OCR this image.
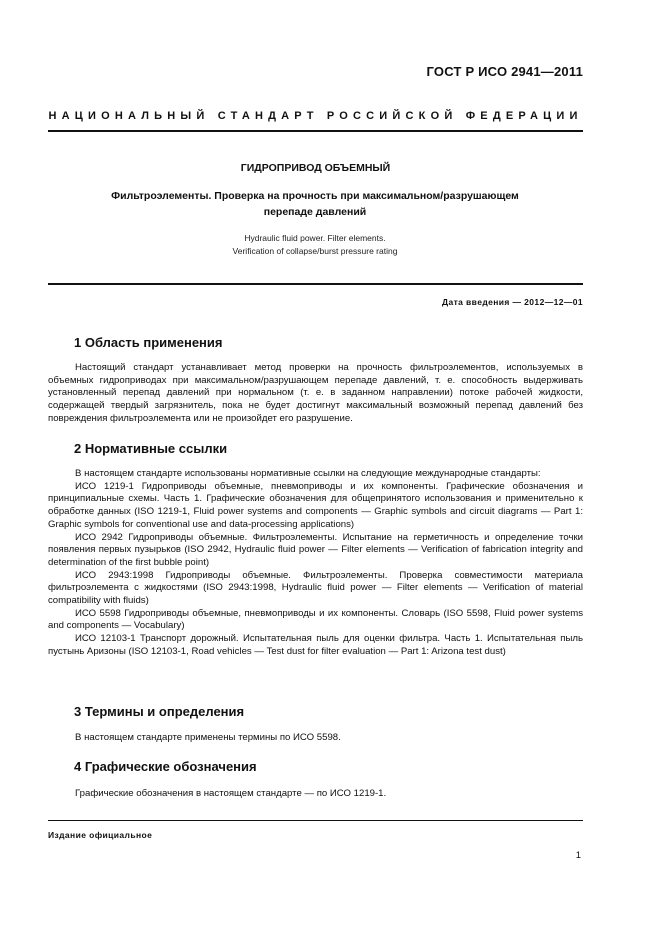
ГОСТ Р ИСО 2941—2011
НАЦИОНАЛЬНЫЙ СТАНДАРТ РОССИЙСКОЙ ФЕДЕРАЦИИ
ГИДРОПРИВОД ОБЪЕМНЫЙ
Фильтроэлементы. Проверка на прочность при максимальном/разрушающем
перепаде давлений
Hydraulic fluid power. Filter elements.
Verification of collapse/burst pressure rating
Дата введения — 2012—12—01
1 Область применения

Настоящий стандарт устанавливает метод проверки на прочность фильтроэлементов, используемых в объемных гидроприводах при максимальном/разрушающем перепаде давлений, т. е. способность выдерживать установленный перепад давлений при нормальном (т. е. в заданном направлении) потоке рабочей жидкости, содержащей твердый загрязнитель, пока не будет достигнут максимальный возможный перепад давлений без повреждения фильтроэлемента или не произойдет его разрушение.

2 Нормативные ссылки

В настоящем стандарте использованы нормативные ссылки на следующие международные стандарты:

ИСО 1219-1 Гидроприводы объемные, пневмоприводы и их компоненты. Графические обозначения и принципиальные схемы. Часть 1. Графические обозначения для общепринятого использования и применительно к обработке данных (ISO 1219-1, Fluid power systems and components — Graphic symbols and circuit diagrams — Part 1: Graphic symbols for conventional use and data-processing applications)

ИСО 2942 Гидроприводы объемные. Фильтроэлементы. Испытание на герметичность и определение точки появления первых пузырьков (ISO 2942, Hydraulic fluid power — Filter elements — Verification of fabrication integrity and determination of the first bubble point)

ИСО 2943:1998 Гидроприводы объемные. Фильтроэлементы. Проверка совместимости материала фильтроэлемента с жидкостями (ISO 2943:1998, Hydraulic fluid power — Filter elements — Verification of material compatibility with fluids)

ИСО 5598 Гидроприводы объемные, пневмоприводы и их компоненты. Словарь (ISO 5598, Fluid power systems and components — Vocabulary)

ИСО 12103-1 Транспорт дорожный. Испытательная пыль для оценки фильтра. Часть 1. Испытательная пыль пустынь Аризоны (ISO 12103-1, Road vehicles — Test dust for filter evaluation — Part 1: Arizona test dust)

3 Термины и определения

В настоящем стандарте применены термины по ИСО 5598.

4 Графические обозначения

Графические обозначения в настоящем стандарте — по ИСО 1219-1.

Издание официальное
1
